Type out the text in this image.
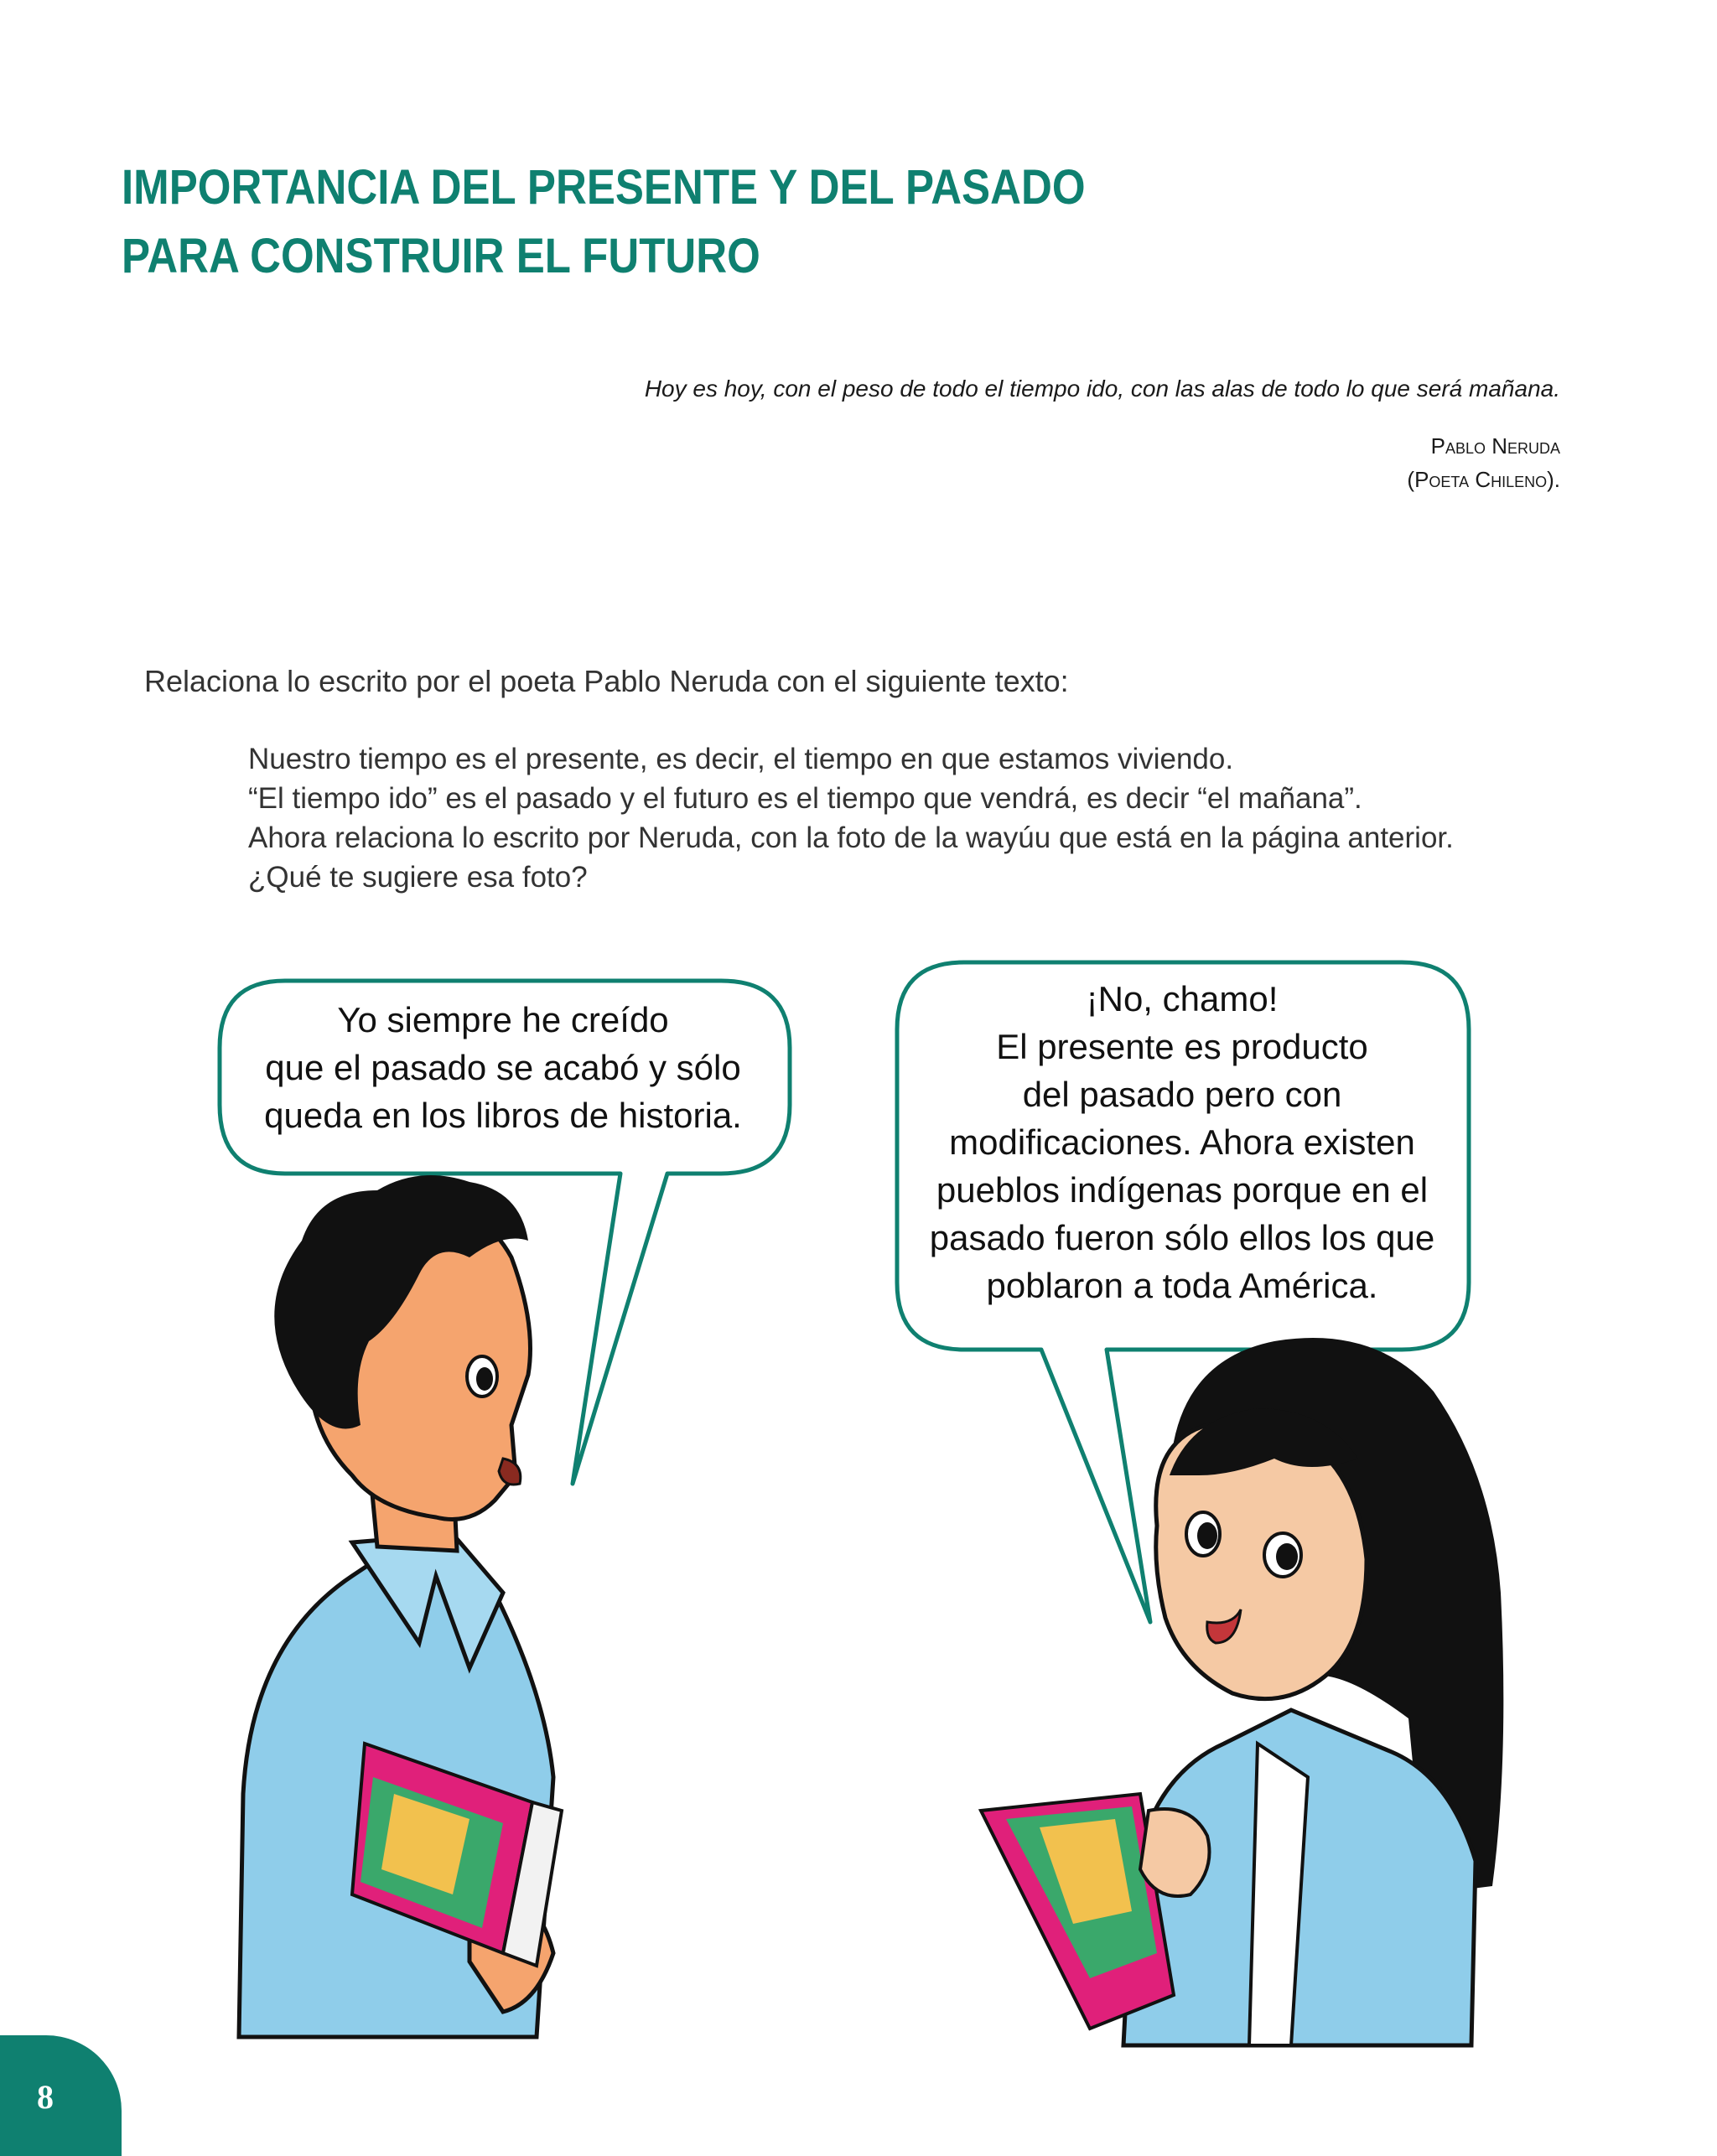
IMPORTANCIA DEL PRESENTE Y DEL PASADO
PARA CONSTRUIR EL FUTURO
Hoy es hoy, con el peso de todo el tiempo ido, con las alas de todo lo que será mañana.
Pablo Neruda
(Poeta Chileno).
Relaciona lo escrito por el poeta Pablo Neruda con el siguiente texto:
Nuestro tiempo es el presente, es decir, el tiempo en que estamos viviendo.
“El tiempo ido” es el pasado y el futuro es el tiempo que vendrá, es decir “el mañana”.
Ahora relaciona lo escrito por Neruda, con la foto de la wayúu que está en la página anterior.
¿Qué te sugiere esa foto?
Yo siempre he creído
que el pasado se acabó y sólo
queda en los libros de historia.
¡No, chamo!
El presente es producto
del pasado pero con
modificaciones. Ahora existen
pueblos indígenas porque en el
pasado fueron sólo ellos los que
poblaron a toda América.
8
